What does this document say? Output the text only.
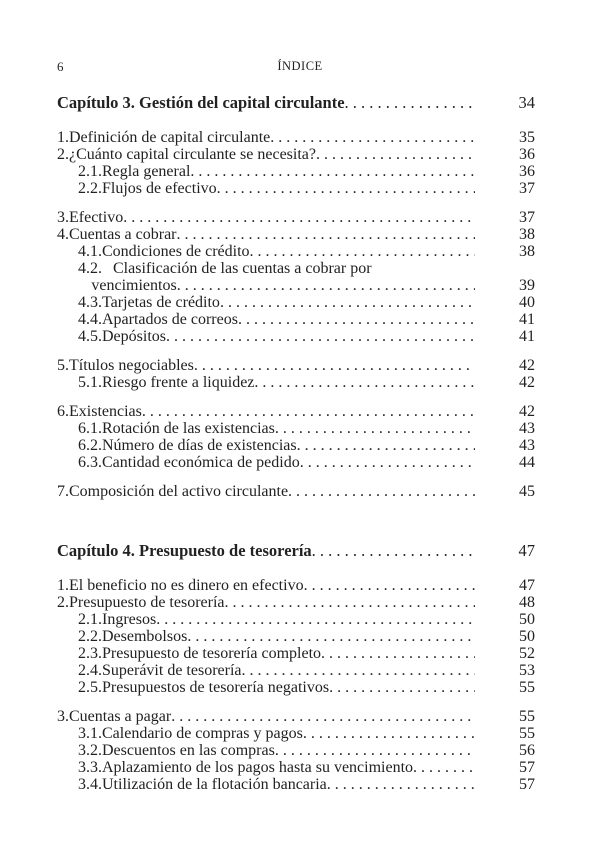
6	ÍNDICE
Capítulo 3. Gestión del capital circulante . . .	34
1. Definición de capital circulante . . .	35
2. ¿Cuánto capital circulante se necesita? . . .	36
2.1. Regla general . . .	36
2.2. Flujos de efectivo . . .	37
3. Efectivo . . .	37
4. Cuentas a cobrar . . .	38
4.1. Condiciones de crédito . . .	38
4.2. Clasificación de las cuentas a cobrar por
vencimientos . . .	39
4.3. Tarjetas de crédito . . .	40
4.4. Apartados de correos . . .	41
4.5. Depósitos . . .	41
5. Títulos negociables . . .	42
5.1. Riesgo frente a liquidez . . .	42
6. Existencias . . .	42
6.1. Rotación de las existencias . . .	43
6.2. Número de días de existencias . . .	43
6.3. Cantidad económica de pedido . . .	44
7. Composición del activo circulante . . .	45
Capítulo 4. Presupuesto de tesorería . . .	47
1. El beneficio no es dinero en efectivo . . .	47
2. Presupuesto de tesorería . . .	48
2.1. Ingresos . . .	50
2.2. Desembolsos . . .	50
2.3. Presupuesto de tesorería completo . . .	52
2.4. Superávit de tesorería . . .	53
2.5. Presupuestos de tesorería negativos . . .	55
3. Cuentas a pagar . . .	55
3.1. Calendario de compras y pagos . . .	55
3.2. Descuentos en las compras . . .	56
3.3. Aplazamiento de los pagos hasta su vencimiento . . .	57
3.4. Utilización de la flotación bancaria . . .	57
